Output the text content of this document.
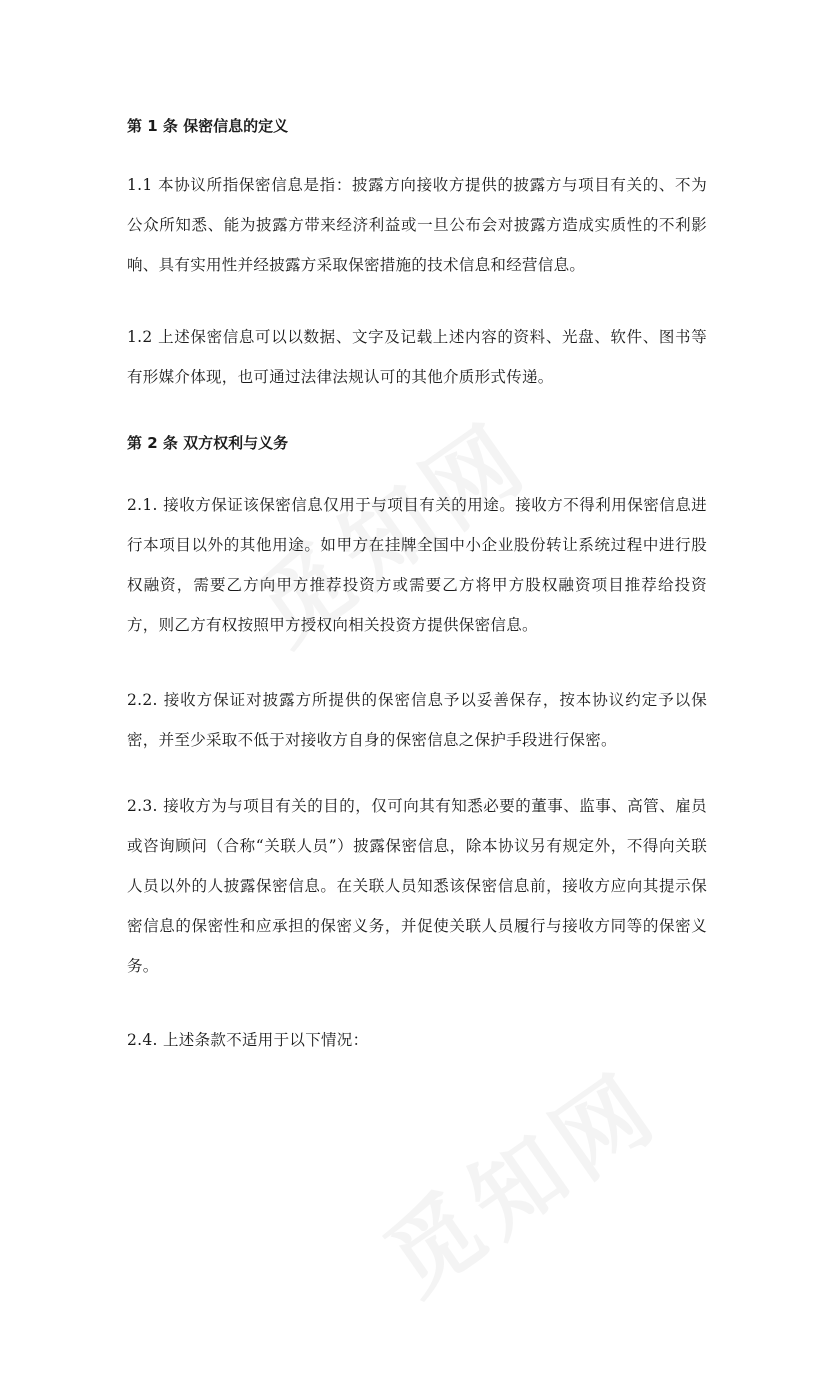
第 1 条 保密信息的定义

1.1 本协议所指保密信息是指：披露方向接收方提供的披露方与项目有关的、不为公众所知悉、能为披露方带来经济利益或一旦公布会对披露方造成实质性的不利影响、具有实用性并经披露方采取保密措施的技术信息和经营信息。

1.2 上述保密信息可以以数据、文字及记载上述内容的资料、光盘、软件、图书等有形媒介体现，也可通过法律法规认可的其他介质形式传递。

第 2 条 双方权利与义务

2.1. 接收方保证该保密信息仅用于与项目有关的用途。接收方不得利用保密信息进行本项目以外的其他用途。如甲方在挂牌全国中小企业股份转让系统过程中进行股权融资，需要乙方向甲方推荐投资方或需要乙方将甲方股权融资项目推荐给投资方，则乙方有权按照甲方授权向相关投资方提供保密信息。

2.2. 接收方保证对披露方所提供的保密信息予以妥善保存，按本协议约定予以保密，并至少采取不低于对接收方自身的保密信息之保护手段进行保密。

2.3. 接收方为与项目有关的目的，仅可向其有知悉必要的董事、监事、高管、雇员或咨询顾问（合称“关联人员”）披露保密信息，除本协议另有规定外，不得向关联人员以外的人披露保密信息。在关联人员知悉该保密信息前，接收方应向其提示保密信息的保密性和应承担的保密义务，并促使关联人员履行与接收方同等的保密义务。

2.4. 上述条款不适用于以下情况：
